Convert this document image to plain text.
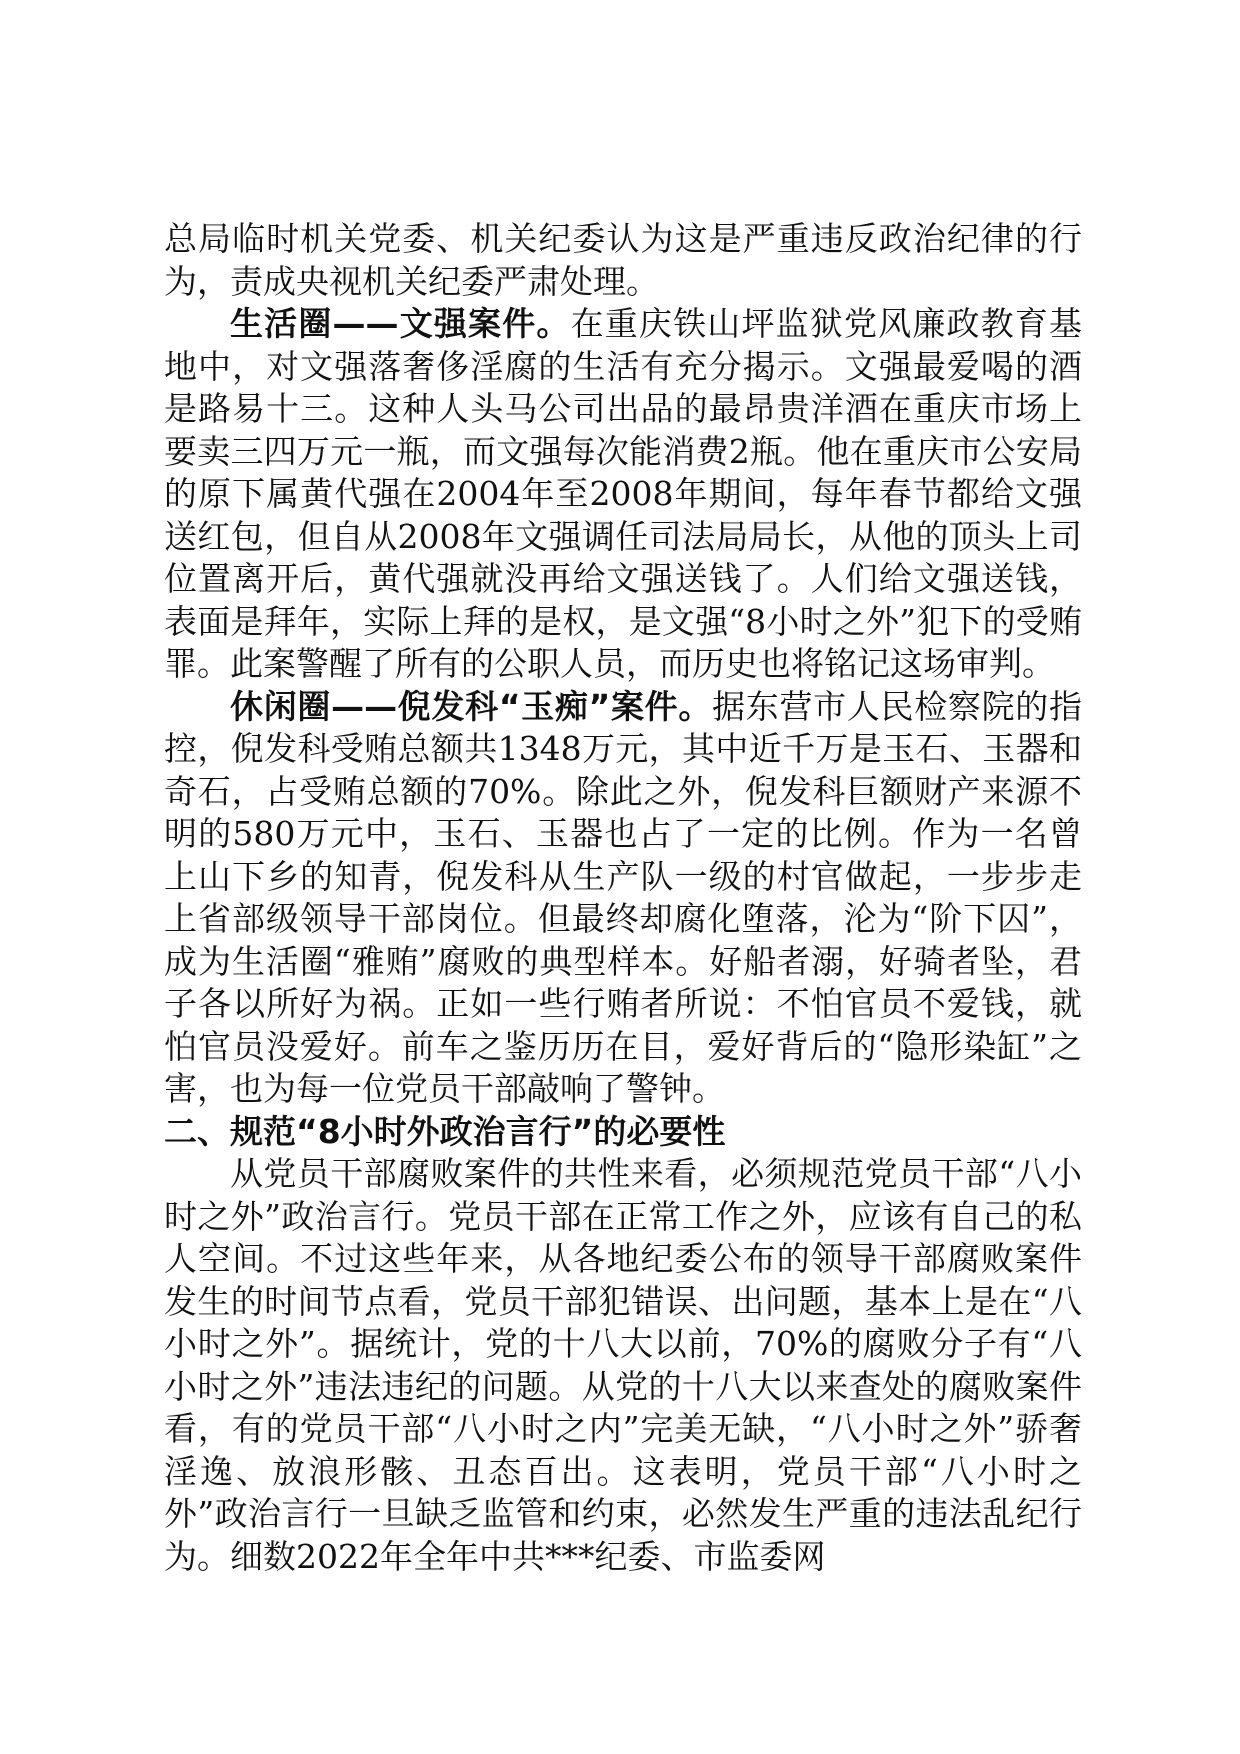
总局临时机关党委、机关纪委认为这是严重违反政治纪律的行为，责成央视机关纪委严肃处理。

生活圈——文强案件。在重庆铁山坪监狱党风廉政教育基地中，对文强落奢侈淫腐的生活有充分揭示。文强最爱喝的酒是路易十三。这种人头马公司出品的最昂贵洋酒在重庆市场上要卖三四万元一瓶，而文强每次能消费2瓶。他在重庆市公安局的原下属黄代强在2004年至2008年期间，每年春节都给文强送红包，但自从2008年文强调任司法局局长，从他的顶头上司位置离开后，黄代强就没再给文强送钱了。人们给文强送钱，表面是拜年，实际上拜的是权，是文强“8小时之外”犯下的受贿罪。此案警醒了所有的公职人员，而历史也将铭记这场审判。

休闲圈——倪发科“玉痴”案件。据东营市人民检察院的指控，倪发科受贿总额共1348万元，其中近千万是玉石、玉器和奇石，占受贿总额的70%。除此之外，倪发科巨额财产来源不明的580万元中，玉石、玉器也占了一定的比例。作为一名曾上山下乡的知青，倪发科从生产队一级的村官做起，一步步走上省部级领导干部岗位。但最终却腐化堕落，沦为“阶下囚”，成为生活圈“雅贿”腐败的典型样本。好船者溺，好骑者坠，君子各以所好为祸。正如一些行贿者所说：不怕官员不爱钱，就怕官员没爱好。前车之鉴历历在目，爱好背后的“隐形染缸”之害，也为每一位党员干部敲响了警钟。

二、规范“8小时外政治言行”的必要性

从党员干部腐败案件的共性来看，必须规范党员干部“八小时之外”政治言行。党员干部在正常工作之外，应该有自己的私人空间。不过这些年来，从各地纪委公布的领导干部腐败案件发生的时间节点看，党员干部犯错误、出问题，基本上是在“八小时之外”。据统计，党的十八大以前，70%的腐败分子有“八小时之外”违法违纪的问题。从党的十八大以来查处的腐败案件看，有的党员干部“八小时之内”完美无缺，“八小时之外”骄奢淫逸、放浪形骸、丑态百出。这表明，党员干部“八小时之外”政治言行一旦缺乏监管和约束，必然发生严重的违法乱纪行为。细数2022年全年中共***纪委、市监委网
